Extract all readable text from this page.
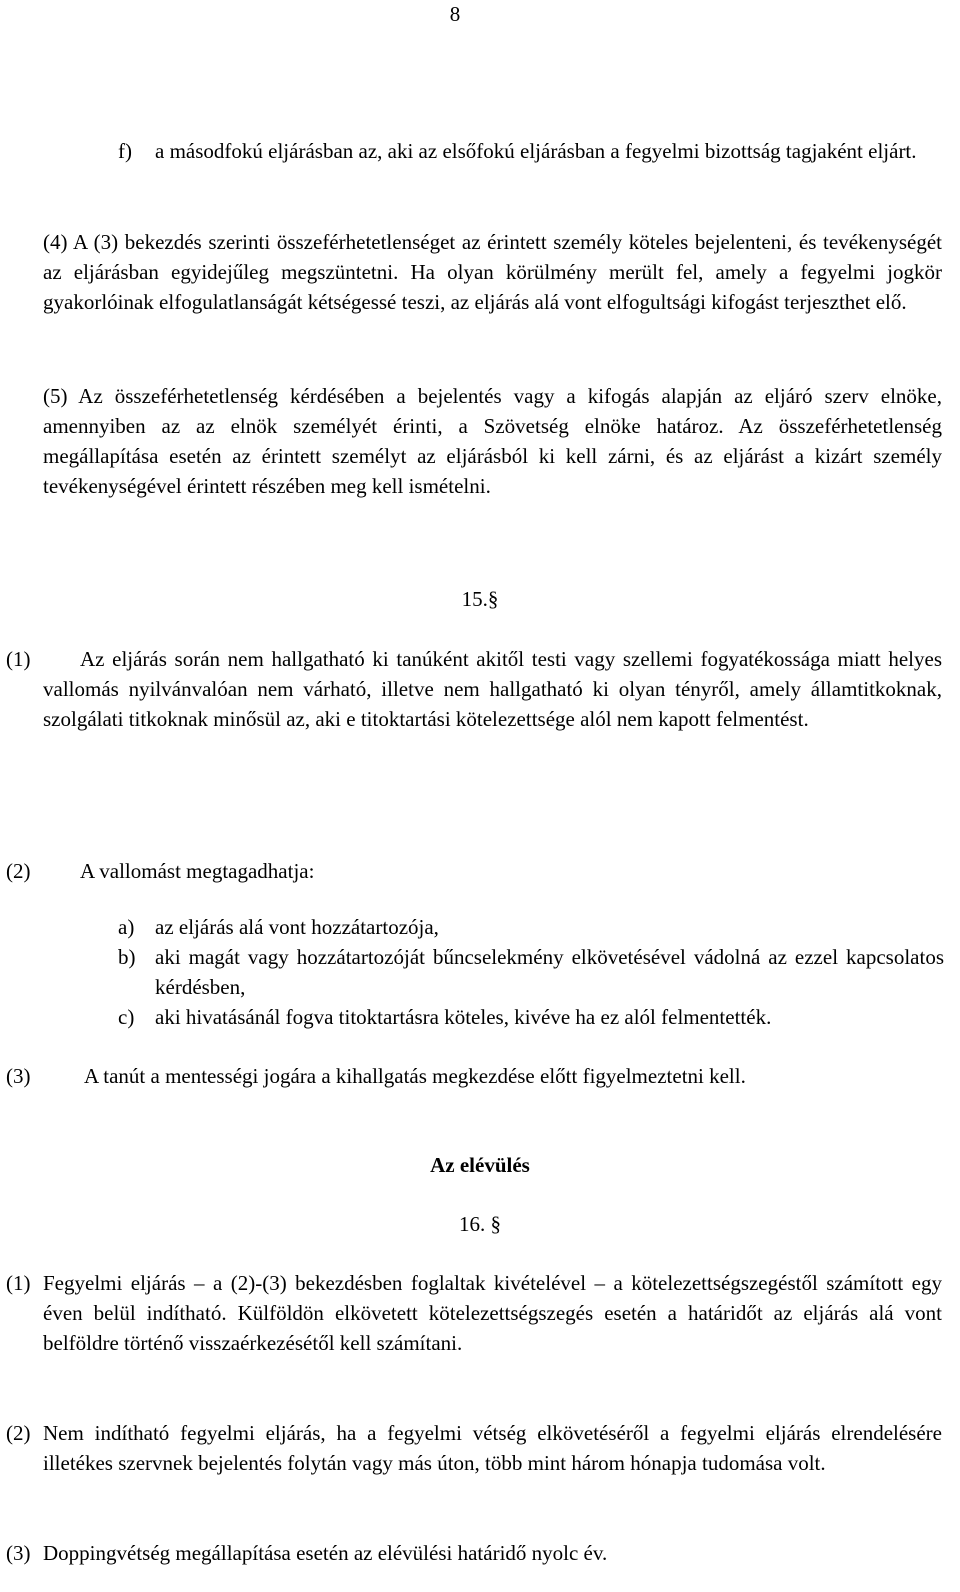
8
f) a másodfokú eljárásban az, aki az elsőfokú eljárásban a fegyelmi bizottság tagjaként eljárt.
(4) A (3) bekezdés szerinti összeférhetetlenséget az érintett személy köteles bejelenteni, és tevékenységét az eljárásban egyidejűleg megszüntetni. Ha olyan körülmény merült fel, amely a fegyelmi jogkör gyakorlóinak elfogulatlanságát kétségessé teszi, az eljárás alá vont elfogultsági kifogást terjeszthet elő.
(5) Az összeférhetetlenség kérdésében a bejelentés vagy a kifogás alapján az eljáró szerv elnöke, amennyiben az az elnök személyét érinti, a Szövetség elnöke határoz. Az összeférhetetlenség megállapítása esetén az érintett személyt az eljárásból ki kell zárni, és az eljárást a kizárt személy tevékenységével érintett részében meg kell ismételni.
15.§
(1)	Az eljárás során nem hallgatható ki tanúként akitől testi vagy szellemi fogyatékossága miatt helyes vallomás nyilvánvalóan nem várható, illetve nem hallgatható ki olyan tényről, amely államtitkoknak, szolgálati titkoknak minősül az, aki e titoktartási kötelezettsége alól nem kapott felmentést.
(2) A vallomást megtagadhatja:
a) az eljárás alá vont hozzátartozója,
b) aki magát vagy hozzátartozóját bűncselekmény elkövetésével vádolná az ezzel kapcsolatos kérdésben,
c) aki hivatásánál fogva titoktartásra köteles, kivéve ha ez alól felmentették.
(3)	A tanút a mentességi jogára a kihallgatás megkezdése előtt figyelmeztetni kell.
Az elévülés
16. §
(1) Fegyelmi eljárás – a (2)-(3) bekezdésben foglaltak kivételével – a kötelezettségszegéstől számított egy éven belül indítható. Külföldön elkövetett kötelezettségszegés esetén a határidőt az eljárás alá vont belföldre történő visszaérkezésétől kell számítani.
(2) Nem indítható fegyelmi eljárás, ha a fegyelmi vétség elkövetéséről a fegyelmi eljárás elrendelésére illetékes szervnek bejelentés folytán vagy más úton, több mint három hónapja tudomása volt.
(3) Doppingvétség megállapítása esetén az elévülési határidő nyolc év.
